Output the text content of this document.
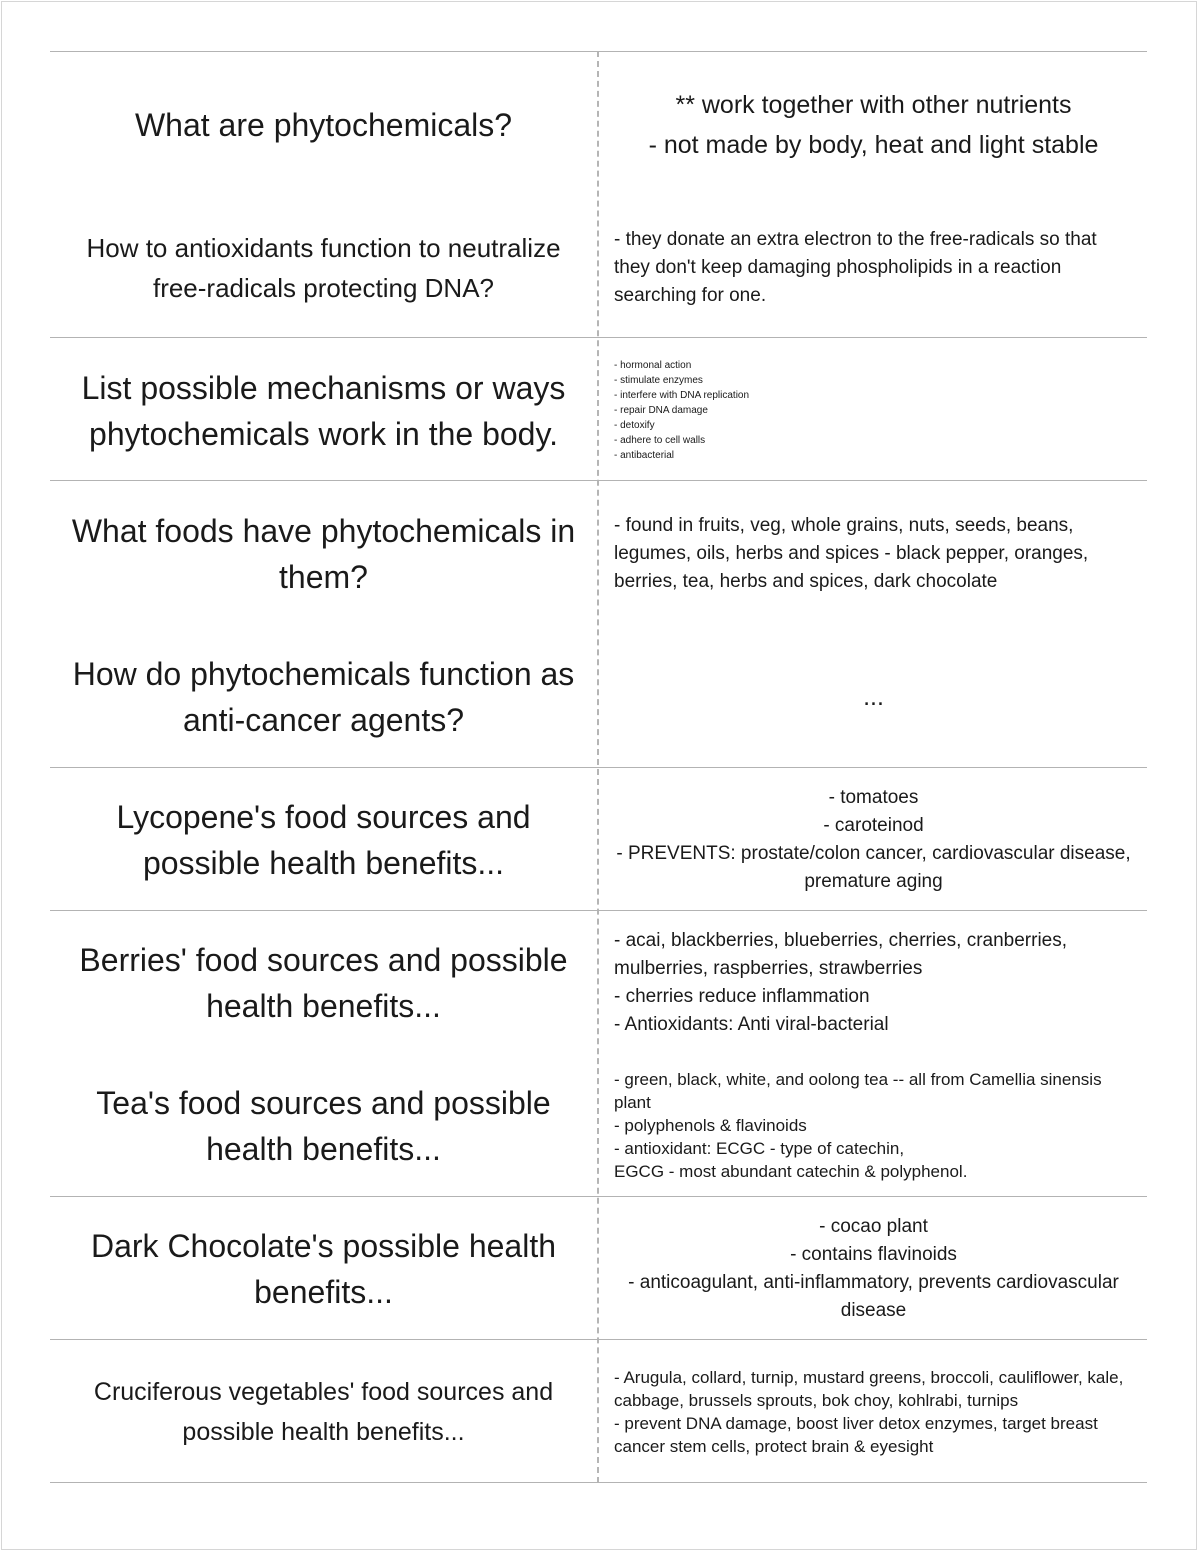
What are phytochemicals?
** work together with other nutrients
- not made by body, heat and light stable
How to antioxidants function to neutralize free-radicals protecting DNA?
- they donate an extra electron to the free-radicals so that they don't keep damaging phospholipids in a reaction searching for one.
List possible mechanisms or ways phytochemicals work in the body.
- hormonal action
- stimulate enzymes
- interfere with DNA replication
- repair DNA damage
- detoxify
- adhere to cell walls
- antibacterial
What foods have phytochemicals in them?
- found in fruits, veg, whole grains, nuts, seeds, beans, legumes, oils, herbs and spices - black pepper, oranges, berries, tea, herbs and spices, dark chocolate
How do phytochemicals function as anti-cancer agents?
...
Lycopene's food sources and possible health benefits...
- tomatoes
- caroteinod
- PREVENTS: prostate/colon cancer, cardiovascular disease, premature aging
Berries' food sources and possible health benefits...
- acai, blackberries, blueberries, cherries, cranberries, mulberries, raspberries, strawberries
- cherries reduce inflammation
- Antioxidants: Anti viral-bacterial
Tea's food sources and possible health benefits...
- green, black, white, and oolong tea -- all from Camellia sinensis plant
- polyphenols & flavinoids
- antioxidant: ECGC - type of catechin,
EGCG - most abundant catechin & polyphenol.
Dark Chocolate's possible health benefits...
- cocao plant
- contains flavinoids
- anticoagulant, anti-inflammatory, prevents cardiovascular disease
Cruciferous vegetables' food sources and possible health benefits...
- Arugula, collard, turnip, mustard greens, broccoli, cauliflower, kale, cabbage, brussels sprouts, bok choy, kohlrabi, turnips
- prevent DNA damage, boost liver detox enzymes, target breast cancer stem cells, protect brain & eyesight
